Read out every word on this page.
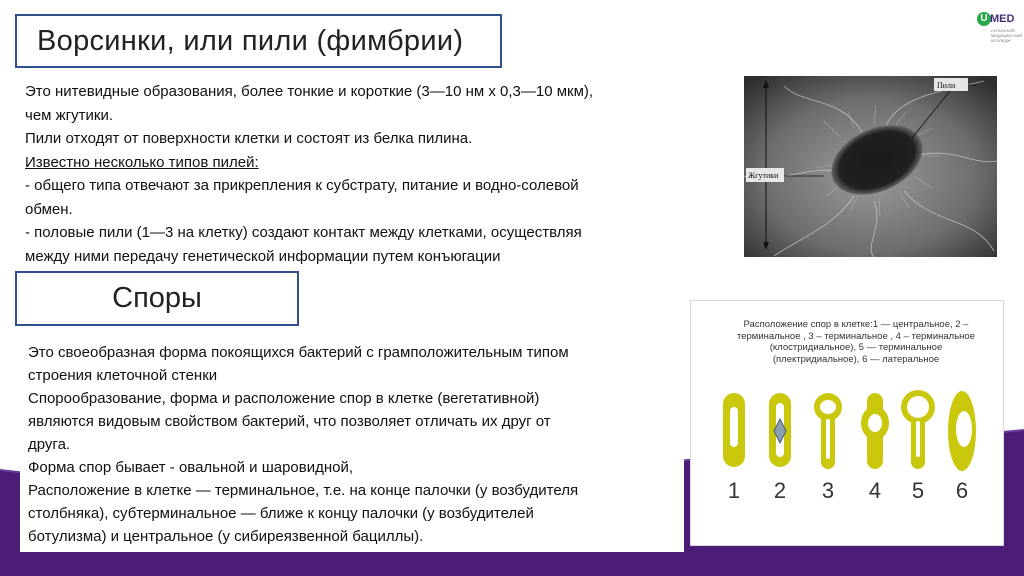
Ворсинки, или пили (фимбрии)
U MED
ЛУГАНСКИЙ МЕДИЦИНСКИЙ КОЛЛЕДЖ

Это нитевидные образования, более тонкие и короткие (3—10 нм х 0,3—10 мкм),

чем жгутики.

Пили отходят от поверхности клетки и состоят из белка пилина.

Известно несколько типов пилей:

- общего типа отвечают за прикрепления к субстрату, питание и водно-солевой

обмен.

- половые пили (1—3 на клетку) создают контакт между клетками, осуществляя

между ними передачу генетической информации путем конъюгации

Пили
Жгутики
Споры

Это своеобразная форма покоящихся бактерий с грамположительным типом

строения клеточной стенки

Спорообразование, форма и расположение спор в клетке (вегетативной)

являются видовым свойством бактерий, что позволяет отличать их друг от

друга.

Форма спор бывает - овальной и шаровидной,

Расположение в клетке — терминальное, т.е. на конце палочки (у возбудителя

столбняка), субтерминальное — ближе к концу палочки (у возбудителей

ботулизма) и центральное (у сибиреязвенной бациллы).

Расположение спор в клетке:1 — центральное, 2 –
терминальное , 3 – терминальное , 4 – терминальное
(клостридиальное), 5 — терминальное
(плектридиальное), 6 — латеральное
1	2	3	4	5	6
